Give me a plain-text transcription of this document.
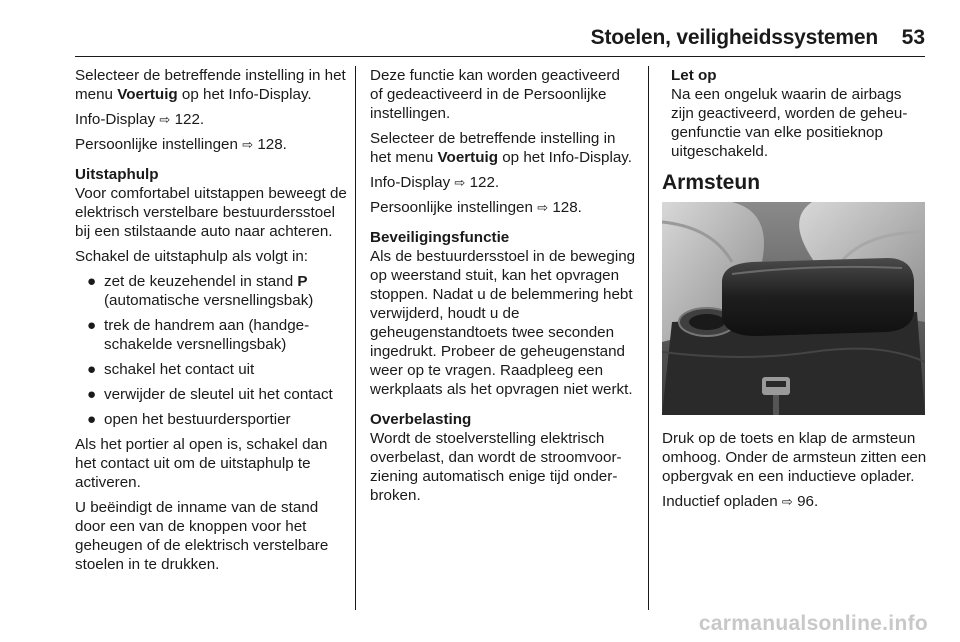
Stoelen, veiligheidssystemen 53

Selecteer de betreffende instelling in het menu Voertuig op het Info-Display.

Info-Display ⇨ 122.

Persoonlijke instellingen ⇨ 128.

Uitstaphulp
Voor comfortabel uitstappen beweegt de elektrisch verstelbare bestuurdersstoel bij een stilstaande auto naar achteren.

Schakel de uitstaphulp als volgt in:

● zet de keuzehendel in stand P (automatische versnellingsbak)
● trek de handrem aan (handgeschakelde versnellingsbak)
● schakel het contact uit
● verwijder de sleutel uit het contact
● open het bestuurdersportier

Als het portier al open is, schakel dan het contact uit om de uitstaphulp te activeren.

U beëindigt de inname van de stand door een van de knoppen voor het geheugen of de elektrisch verstelbare stoelen in te drukken.

Deze functie kan worden geactiveerd of gedeactiveerd in de Persoonlijke instellingen.

Selecteer de betreffende instelling in het menu Voertuig op het Info-Display.

Info-Display ⇨ 122.

Persoonlijke instellingen ⇨ 128.

Beveiligingsfunctie
Als de bestuurdersstoel in de beweging op weerstand stuit, kan het opvragen stoppen. Nadat u de belemmering hebt verwijderd, houdt u de geheugenstandtoets twee seconden ingedrukt. Probeer de geheugenstand weer op te vragen. Raadpleeg een werkplaats als het opvragen niet werkt.

Overbelasting
Wordt de stoelverstelling elektrisch overbelast, dan wordt de stroomvoorziening automatisch enige tijd onderbroken.

Let op
Na een ongeluk waarin de airbags zijn geactiveerd, worden de geheugenfunctie van elke positieknop uitgeschakeld.
Armsteun

Druk op de toets en klap de armsteun omhoog. Onder de armsteun zitten een opbergvak en een inductieve oplader.

Inductief opladen ⇨ 96.

carmanualsonline.info
